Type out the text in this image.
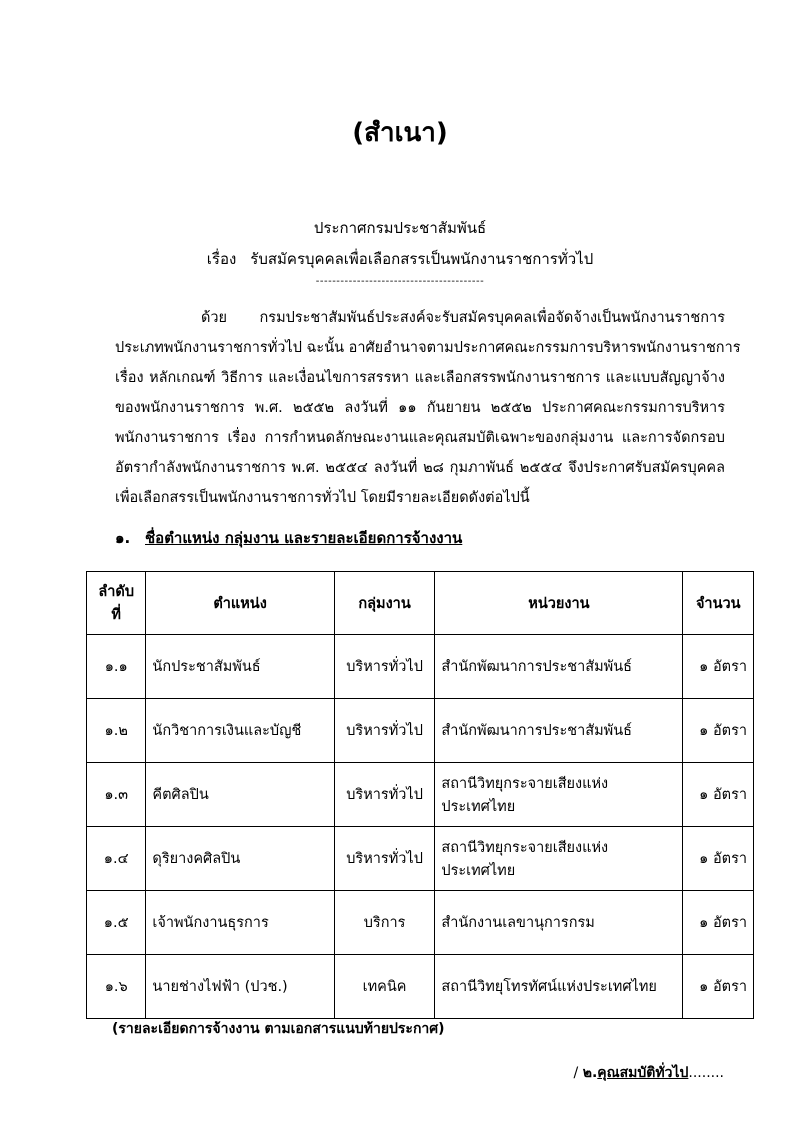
(สำเนา)
ประกาศกรมประชาสัมพันธ์
เรื่อง รับสมัครบุคคลเพื่อเลือกสรรเป็นพนักงานราชการทั่วไป
-----------------------------------------
ด้วย กรมประชาสัมพันธ์ประสงค์จะรับสมัครบุคคลเพื่อจัดจ้างเป็นพนักงานราชการ
ประเภทพนักงานราชการทั่วไป ฉะนั้น อาศัยอำนาจตามประกาศคณะกรรมการบริหารพนักงานราชการ
เรื่อง หลักเกณฑ์ วิธีการ และเงื่อนไขการสรรหา และเลือกสรรพนักงานราชการ และแบบสัญญาจ้าง
ของพนักงานราชการ พ.ศ. ๒๕๕๒ ลงวันที่ ๑๑ กันยายน ๒๕๕๒ ประกาศคณะกรรมการบริหาร
พนักงานราชการ เรื่อง การกำหนดลักษณะงานและคุณสมบัติเฉพาะของกลุ่มงาน และการจัดกรอบ
อัตรากำลังพนักงานราชการ พ.ศ. ๒๕๕๔ ลงวันที่ ๒๘ กุมภาพันธ์ ๒๕๕๔ จึงประกาศรับสมัครบุคคล
เพื่อเลือกสรรเป็นพนักงานราชการทั่วไป โดยมีรายละเอียดดังต่อไปนี้
๑. ชื่อตำแหน่ง กลุ่มงาน และรายละเอียดการจ้างงาน
ลำดับ
ที่	ตำแหน่ง	กลุ่มงาน	หน่วยงาน	จำนวน
๑.๑	นักประชาสัมพันธ์	บริหารทั่วไป	สำนักพัฒนาการประชาสัมพันธ์	๑ อัตรา
๑.๒	นักวิชาการเงินและบัญชี	บริหารทั่วไป	สำนักพัฒนาการประชาสัมพันธ์	๑ อัตรา
๑.๓	คีตศิลปิน	บริหารทั่วไป	สถานีวิทยุกระจายเสียงแห่งประเทศไทย	๑ อัตรา
๑.๔	ดุริยางคศิลปิน	บริหารทั่วไป	สถานีวิทยุกระจายเสียงแห่งประเทศไทย	๑ อัตรา
๑.๕	เจ้าพนักงานธุรการ	บริการ	สำนักงานเลขานุการกรม	๑ อัตรา
๑.๖	นายช่างไฟฟ้า (ปวช.)	เทคนิค	สถานีวิทยุโทรทัศน์แห่งประเทศไทย	๑ อัตรา
(รายละเอียดการจ้างงาน ตามเอกสารแนบท้ายประกาศ)
/ ๒.คุณสมบัติทั่วไป........
